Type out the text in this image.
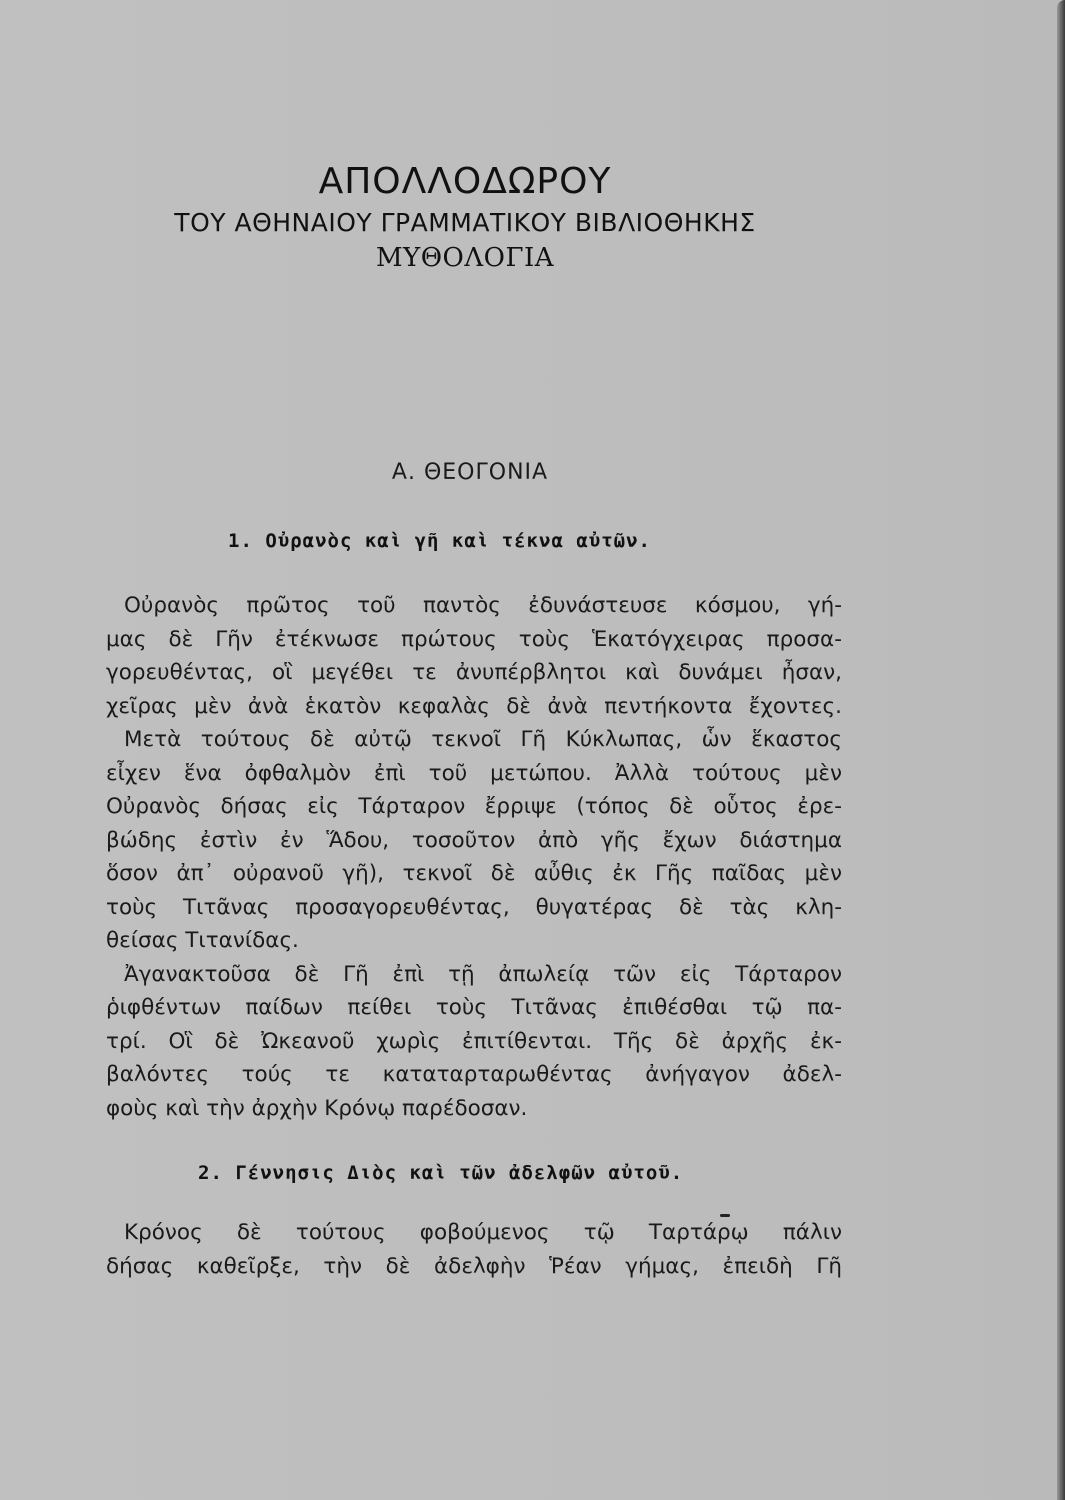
ΑΠΟΛΛΟΔΩΡΟΥ
ΤΟΥ ΑΘΗΝΑΙΟΥ ΓΡΑΜΜΑΤΙΚΟΥ ΒΙΒΛΙΟΘΗΚΗΣ
ΜΥΘΟΛΟΓΙΑ
Α. ΘΕΟΓΟΝΙΑ
1. Οὐρανὸς καὶ γῆ καὶ τέκνα αὐτῶν.
Οὐρανὸς πρῶτος τοῦ παντὸς ἐδυνάστευσε κόσμου, γή-
μας δὲ Γῆν ἐτέκνωσε πρώτους τοὺς Ἑκατόγχειρας προσα-
γορευθέντας, οἳ μεγέθει τε ἀνυπέρβλητοι καὶ δυνάμει ἦσαν,
χεῖρας μὲν ἀνὰ ἑκατὸν κεφαλὰς δὲ ἀνὰ πεντήκοντα ἔχοντες.
Μετὰ τούτους δὲ αὐτῷ τεκνοῖ Γῆ Κύκλωπας, ὧν ἕκαστος
εἶχεν ἕνα ὀφθαλμὸν ἐπὶ τοῦ μετώπου. Ἀλλὰ τούτους μὲν
Οὐρανὸς δήσας εἰς Τάρταρον ἔρριψε (τόπος δὲ οὗτος ἐρε-
βώδης ἐστὶν ἐν Ἅδου, τοσοῦτον ἀπὸ γῆς ἔχων διάστημα
ὅσον ἀπ᾽ οὐρανοῦ γῆ), τεκνοῖ δὲ αὖθις ἐκ Γῆς παῖδας μὲν
τοὺς Τιτᾶνας προσαγορευθέντας, θυγατέρας δὲ τὰς κλη-
θείσας Τιτανίδας.
Ἀγανακτοῦσα δὲ Γῆ ἐπὶ τῇ ἀπωλείᾳ τῶν εἰς Τάρταρον
ῥιφθέντων παίδων πείθει τοὺς Τιτᾶνας ἐπιθέσθαι τῷ πα-
τρί. Οἳ δὲ Ὠκεανοῦ χωρὶς ἐπιτίθενται. Τῆς δὲ ἀρχῆς ἐκ-
βαλόντες τούς τε καταταρταρωθέντας ἀνήγαγον ἀδελ-
φοὺς καὶ τὴν ἀρχὴν Κρόνῳ παρέδοσαν.
2. Γέννησις Διὸς καὶ τῶν ἀδελφῶν αὐτοῦ.
Κρόνος δὲ τούτους φοβούμενος τῷ Ταρτάρῳ πάλιν
δήσας καθεῖρξε, τὴν δὲ ἀδελφὴν Ῥέαν γήμας, ἐπειδὴ Γῆ
